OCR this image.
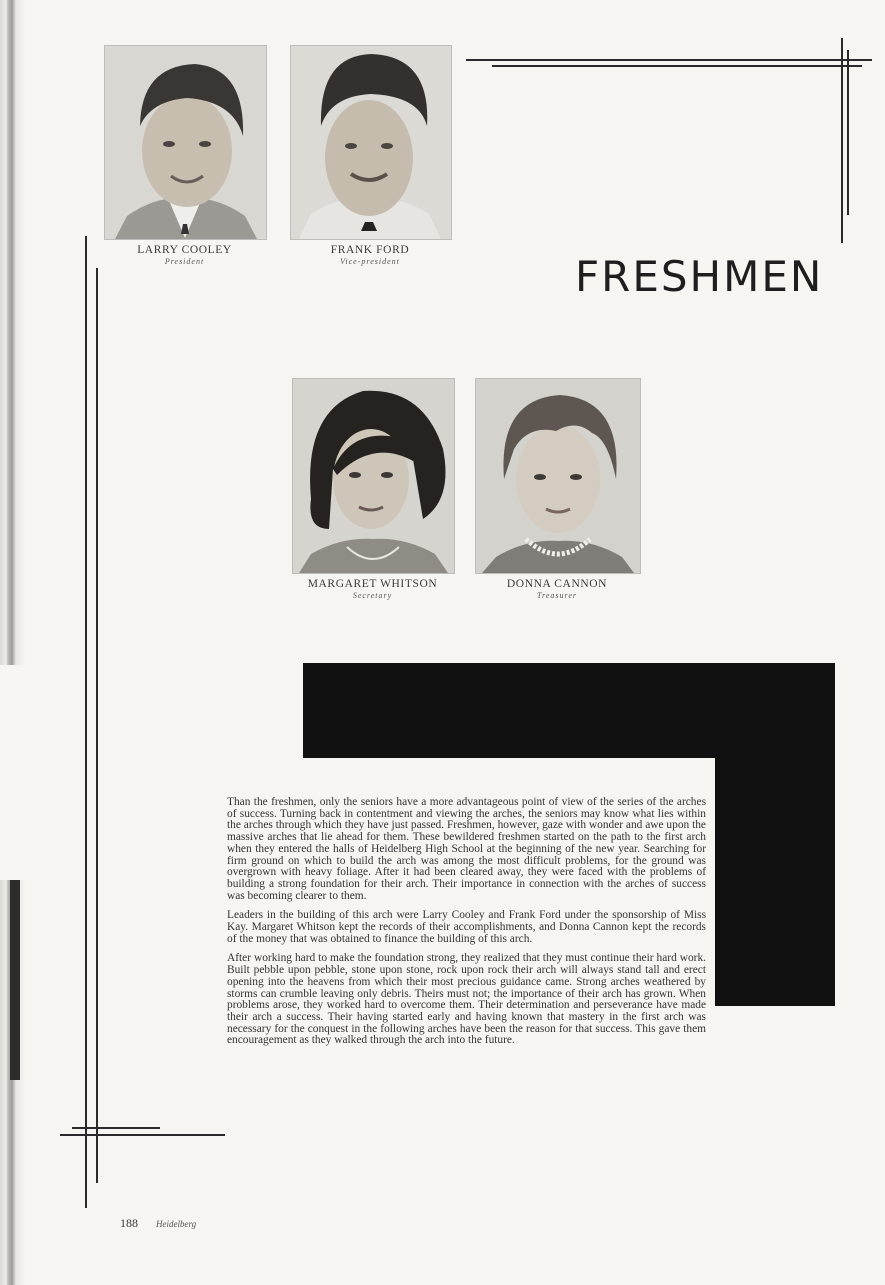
FRESHMEN
LARRY COOLEY
President
FRANK FORD
Vice-president
MARGARET WHITSON
Secretary
DONNA CANNON
Treasurer

Than the freshmen, only the seniors have a more advantageous point of view of the series of the arches of success. Turning back in contentment and viewing the arches, the seniors may know what lies within the arches through which they have just passed. Freshmen, however, gaze with wonder and awe upon the massive arches that lie ahead for them. These bewildered freshmen started on the path to the first arch when they entered the halls of Heidelberg High School at the beginning of the new year. Searching for firm ground on which to build the arch was among the most difficult problems, for the ground was overgrown with heavy foliage. After it had been cleared away, they were faced with the problems of building a strong foundation for their arch. Their importance in connection with the arches of success was becoming clearer to them.

Leaders in the building of this arch were Larry Cooley and Frank Ford under the sponsorship of Miss Kay. Margaret Whitson kept the records of their accomplishments, and Donna Cannon kept the records of the money that was obtained to finance the building of this arch.

After working hard to make the foundation strong, they realized that they must continue their hard work. Built pebble upon pebble, stone upon stone, rock upon rock their arch will always stand tall and erect opening into the heavens from which their most precious guidance came. Strong arches weathered by storms can crumble leaving only debris. Theirs must not; the importance of their arch has grown. When problems arose, they worked hard to overcome them. Their determination and perseverance have made their arch a success. Their having started early and having known that mastery in the first arch was necessary for the conquest in the following arches have been the reason for that success. This gave them encouragement as they walked through the arch into the future.

188 Heidelberg
